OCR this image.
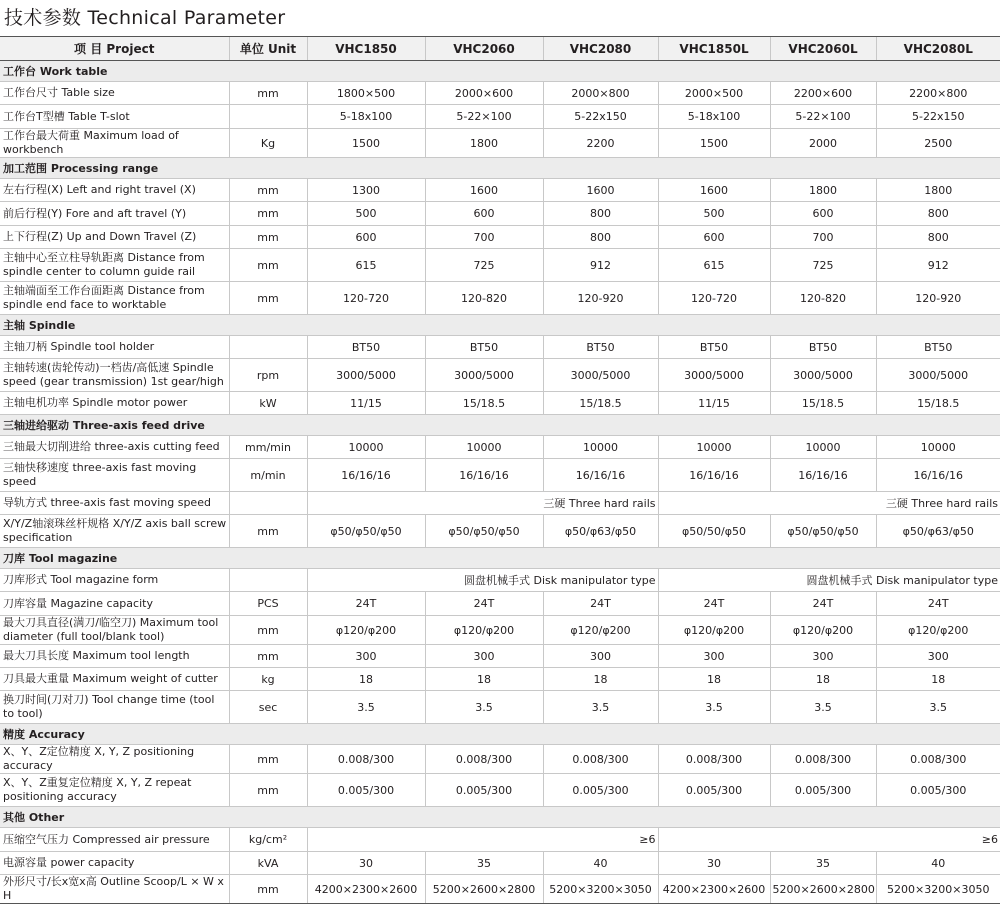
技术参数 Technical Parameter
项 目 Project	单位 Unit	VHC1850	VHC2060	VHC2080	VHC1850L	VHC2060L	VHC2080L
工作台 Work table							
工作台尺寸 Table size	mm	1800×500	2000×600	2000×800	2000×500	2200×600	2200×800
工作台T型槽 Table T-slot		5-18x100	5-22×100	5-22x150	5-18x100	5-22×100	5-22x150
工作台最大荷重 Maximum load of workbench	Kg	1500	1800	2200	1500	2000	2500
加工范围 Processing range							
左右行程(X) Left and right travel (X)	mm	1300	1600	1600	1600	1800	1800
前后行程(Y) Fore and aft travel (Y)	mm	500	600	800	500	600	800
上下行程(Z) Up and Down Travel (Z)	mm	600	700	800	600	700	800
主轴中心至立柱导轨距离 Distance from spindle center to column guide rail	mm	615	725	912	615	725	912
主轴端面至工作台面距离 Distance from spindle end face to worktable	mm	120-720	120-820	120-920	120-720	120-820	120-920
主轴 Spindle							
主轴刀柄 Spindle tool holder		BT50	BT50	BT50	BT50	BT50	BT50
主轴转速(齿轮传动)一档齿/高低速 Spindle speed (gear transmission) 1st gear/high	rpm	3000/5000	3000/5000	3000/5000	3000/5000	3000/5000	3000/5000
主轴电机功率 Spindle motor power	kW	11/15	15/18.5	15/18.5	11/15	15/18.5	15/18.5
三轴进给驱动 Three-axis feed drive							
三轴最大切削进给 three-axis cutting feed	mm/min	10000	10000	10000	10000	10000	10000
三轴快移速度 three-axis fast moving speed	m/min	16/16/16	16/16/16	16/16/16	16/16/16	16/16/16	16/16/16
导轨方式 three-axis fast moving speed		三硬 Three hard rails			三硬 Three hard rails		
X/Y/Z轴滚珠丝杆规格 X/Y/Z axis ball screw specification	mm	φ50/φ50/φ50	φ50/φ50/φ50	φ50/φ63/φ50	φ50/50/φ50	φ50/φ50/φ50	φ50/φ63/φ50
刀库 Tool magazine							
刀库形式 Tool magazine form		圆盘机械手式 Disk manipulator type			圆盘机械手式 Disk manipulator type		
刀库容量 Magazine capacity	PCS	24T	24T	24T	24T	24T	24T
最大刀具直径(满刀/临空刀) Maximum tool diameter (full tool/blank tool)	mm	φ120/φ200	φ120/φ200	φ120/φ200	φ120/φ200	φ120/φ200	φ120/φ200
最大刀具长度 Maximum tool length	mm	300	300	300	300	300	300
刀具最大重量 Maximum weight of cutter	kg	18	18	18	18	18	18
换刀时间(刀对刀) Tool change time (tool to tool)	sec	3.5	3.5	3.5	3.5	3.5	3.5
精度 Accuracy							
X、Y、Z定位精度 X, Y, Z positioning accuracy	mm	0.008/300	0.008/300	0.008/300	0.008/300	0.008/300	0.008/300
X、Y、Z重复定位精度 X, Y, Z repeat positioning accuracy	mm	0.005/300	0.005/300	0.005/300	0.005/300	0.005/300	0.005/300
其他 Other							
压缩空气压力 Compressed air pressure	kg/cm²	≥6			≥6		
电源容量 power capacity	kVA	30	35	40	30	35	40
外形尺寸/长x宽x高 Outline Scoop/L × W x H	mm	4200×2300×2600	5200×2600×2800	5200×3200×3050	4200×2300×2600	5200×2600×2800	5200×3200×3050
